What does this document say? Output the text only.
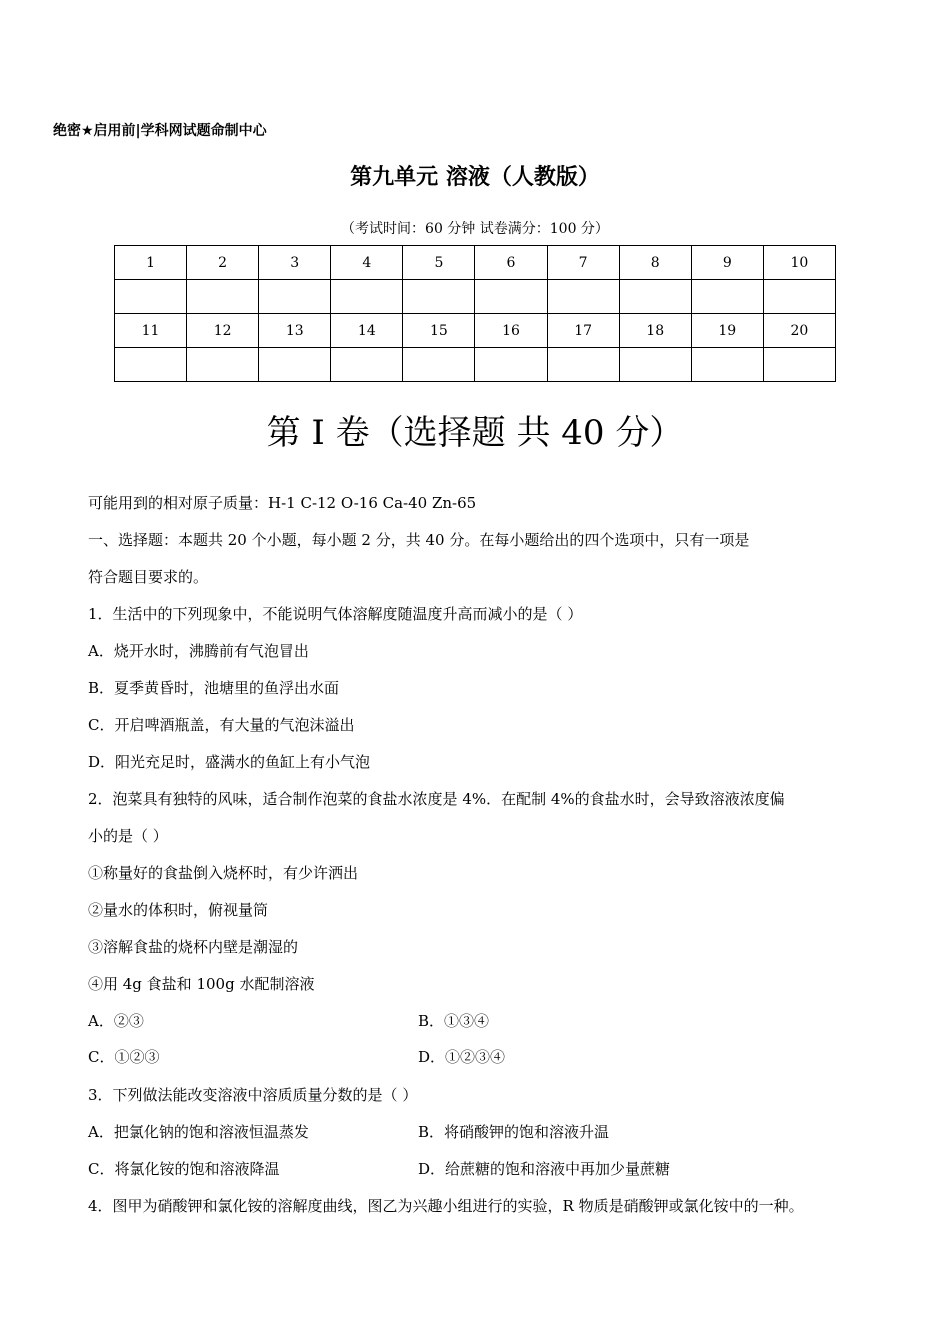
绝密★启用前|学科网试题命制中心
第九单元 溶液（人教版）
（考试时间：60 分钟 试卷满分：100 分）
1	2	3	4	5	6	7	8	9	10

11	12	13	14	15	16	17	18	19	20

第 I 卷（选择题 共 40 分）
可能用到的相对原子质量：H-1 C-12 O-16 Ca-40 Zn-65
一、选择题：本题共 20 个小题，每小题 2 分，共 40 分。在每小题给出的四个选项中，只有一项是
符合题目要求的。
1．生活中的下列现象中，不能说明气体溶解度随温度升高而减小的是（ ）
A．烧开水时，沸腾前有气泡冒出
B．夏季黄昏时，池塘里的鱼浮出水面
C．开启啤酒瓶盖，有大量的气泡沫溢出
D．阳光充足时，盛满水的鱼缸上有小气泡
2．泡菜具有独特的风味，适合制作泡菜的食盐水浓度是 4%．在配制 4%的食盐水时，会导致溶液浓度偏
小的是（ ）
①称量好的食盐倒入烧杯时，有少许洒出
②量水的体积时，俯视量筒
③溶解食盐的烧杯内壁是潮湿的
④用 4g 食盐和 100g 水配制溶液
A．②③	B．①③④
C．①②③	D．①②③④
3．下列做法能改变溶液中溶质质量分数的是（ ）
A．把氯化钠的饱和溶液恒温蒸发	B．将硝酸钾的饱和溶液升温
C．将氯化铵的饱和溶液降温	D．给蔗糖的饱和溶液中再加少量蔗糖
4．图甲为硝酸钾和氯化铵的溶解度曲线，图乙为兴趣小组进行的实验，R 物质是硝酸钾或氯化铵中的一种。
